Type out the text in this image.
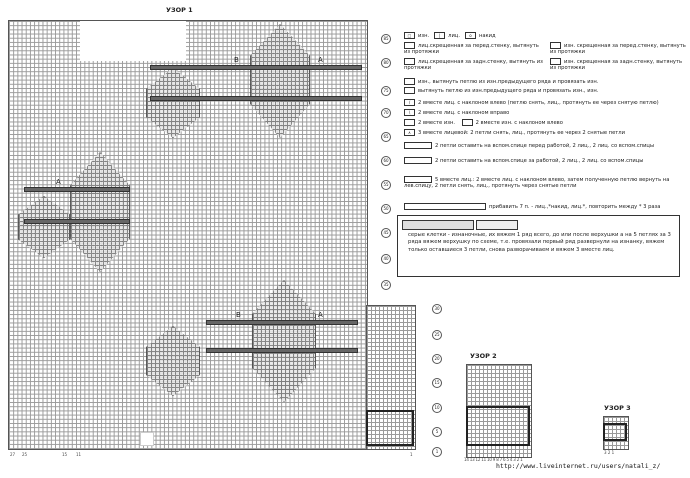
УЗОР 1
B	A
A
B	A
85
80
75
70
65
60
55
50
45
40
35
30
25
20
15
10
5
1
27 25	15 11	1
□ изн. | лиц. о накид
лиц.скрещенная за перед.стенку, вытянуть из протяжки
изн. скрещенная за перед.стенку, вытянуть из протяжки
лиц.скрещенная за задн.стенку, вытянуть из протяжки
изн. скрещенная за задн.стенку, вытянуть из протяжки
изн., вытянуть петлю из изн.предыдущего ряда и провязать изн.
вытянуть петлю из изн.предыдущего ряда и провязать изн., изн.
/ 2 вместе лиц. с наклоном влево (петлю снять, лиц., протянуть ее через снятую петлю)
\ 2 вместе лиц. с наклоном вправо
2 вместе изн.	2 вместе изн. с наклоном влево
∧ 3 вместе лицевой: 2 петли снять, лиц., протянуть ее через 2 снятые петли
2 петли оставить на вспом.спице перед работой, 2 лиц., 2 лиц. со вспом.спицы
2 петли оставить на вспом.спице за работой, 2 лиц., 2 лиц. со вспом.спицы
5 вместе лиц.: 2 вместе лиц. с наклоном влево, затем полученную петлю вернуть на лев.спицу, 2 петли снять, лиц., протянуть через снятые петли
прибавить 7 п. - лиц.,*накид, лиц.*, повторить между * 3 раза
серые клетки - изнаночные, их вяжем 1 ряд всего, до или после верхушки а на 5 петлях за 3 ряда вяжем верхушку по схеме, т.е. провязали первый ряд развернули на изнанку, вяжем только оставшиеся 3 петли, снова разворачиваем и вяжем 3 вместе лиц.
УЗОР 2
14 13 12 11 10 9 8 7 6 5 4 3 2 1
УЗОР 3
3 2 1
http://www.liveinternet.ru/users/natali_z/
